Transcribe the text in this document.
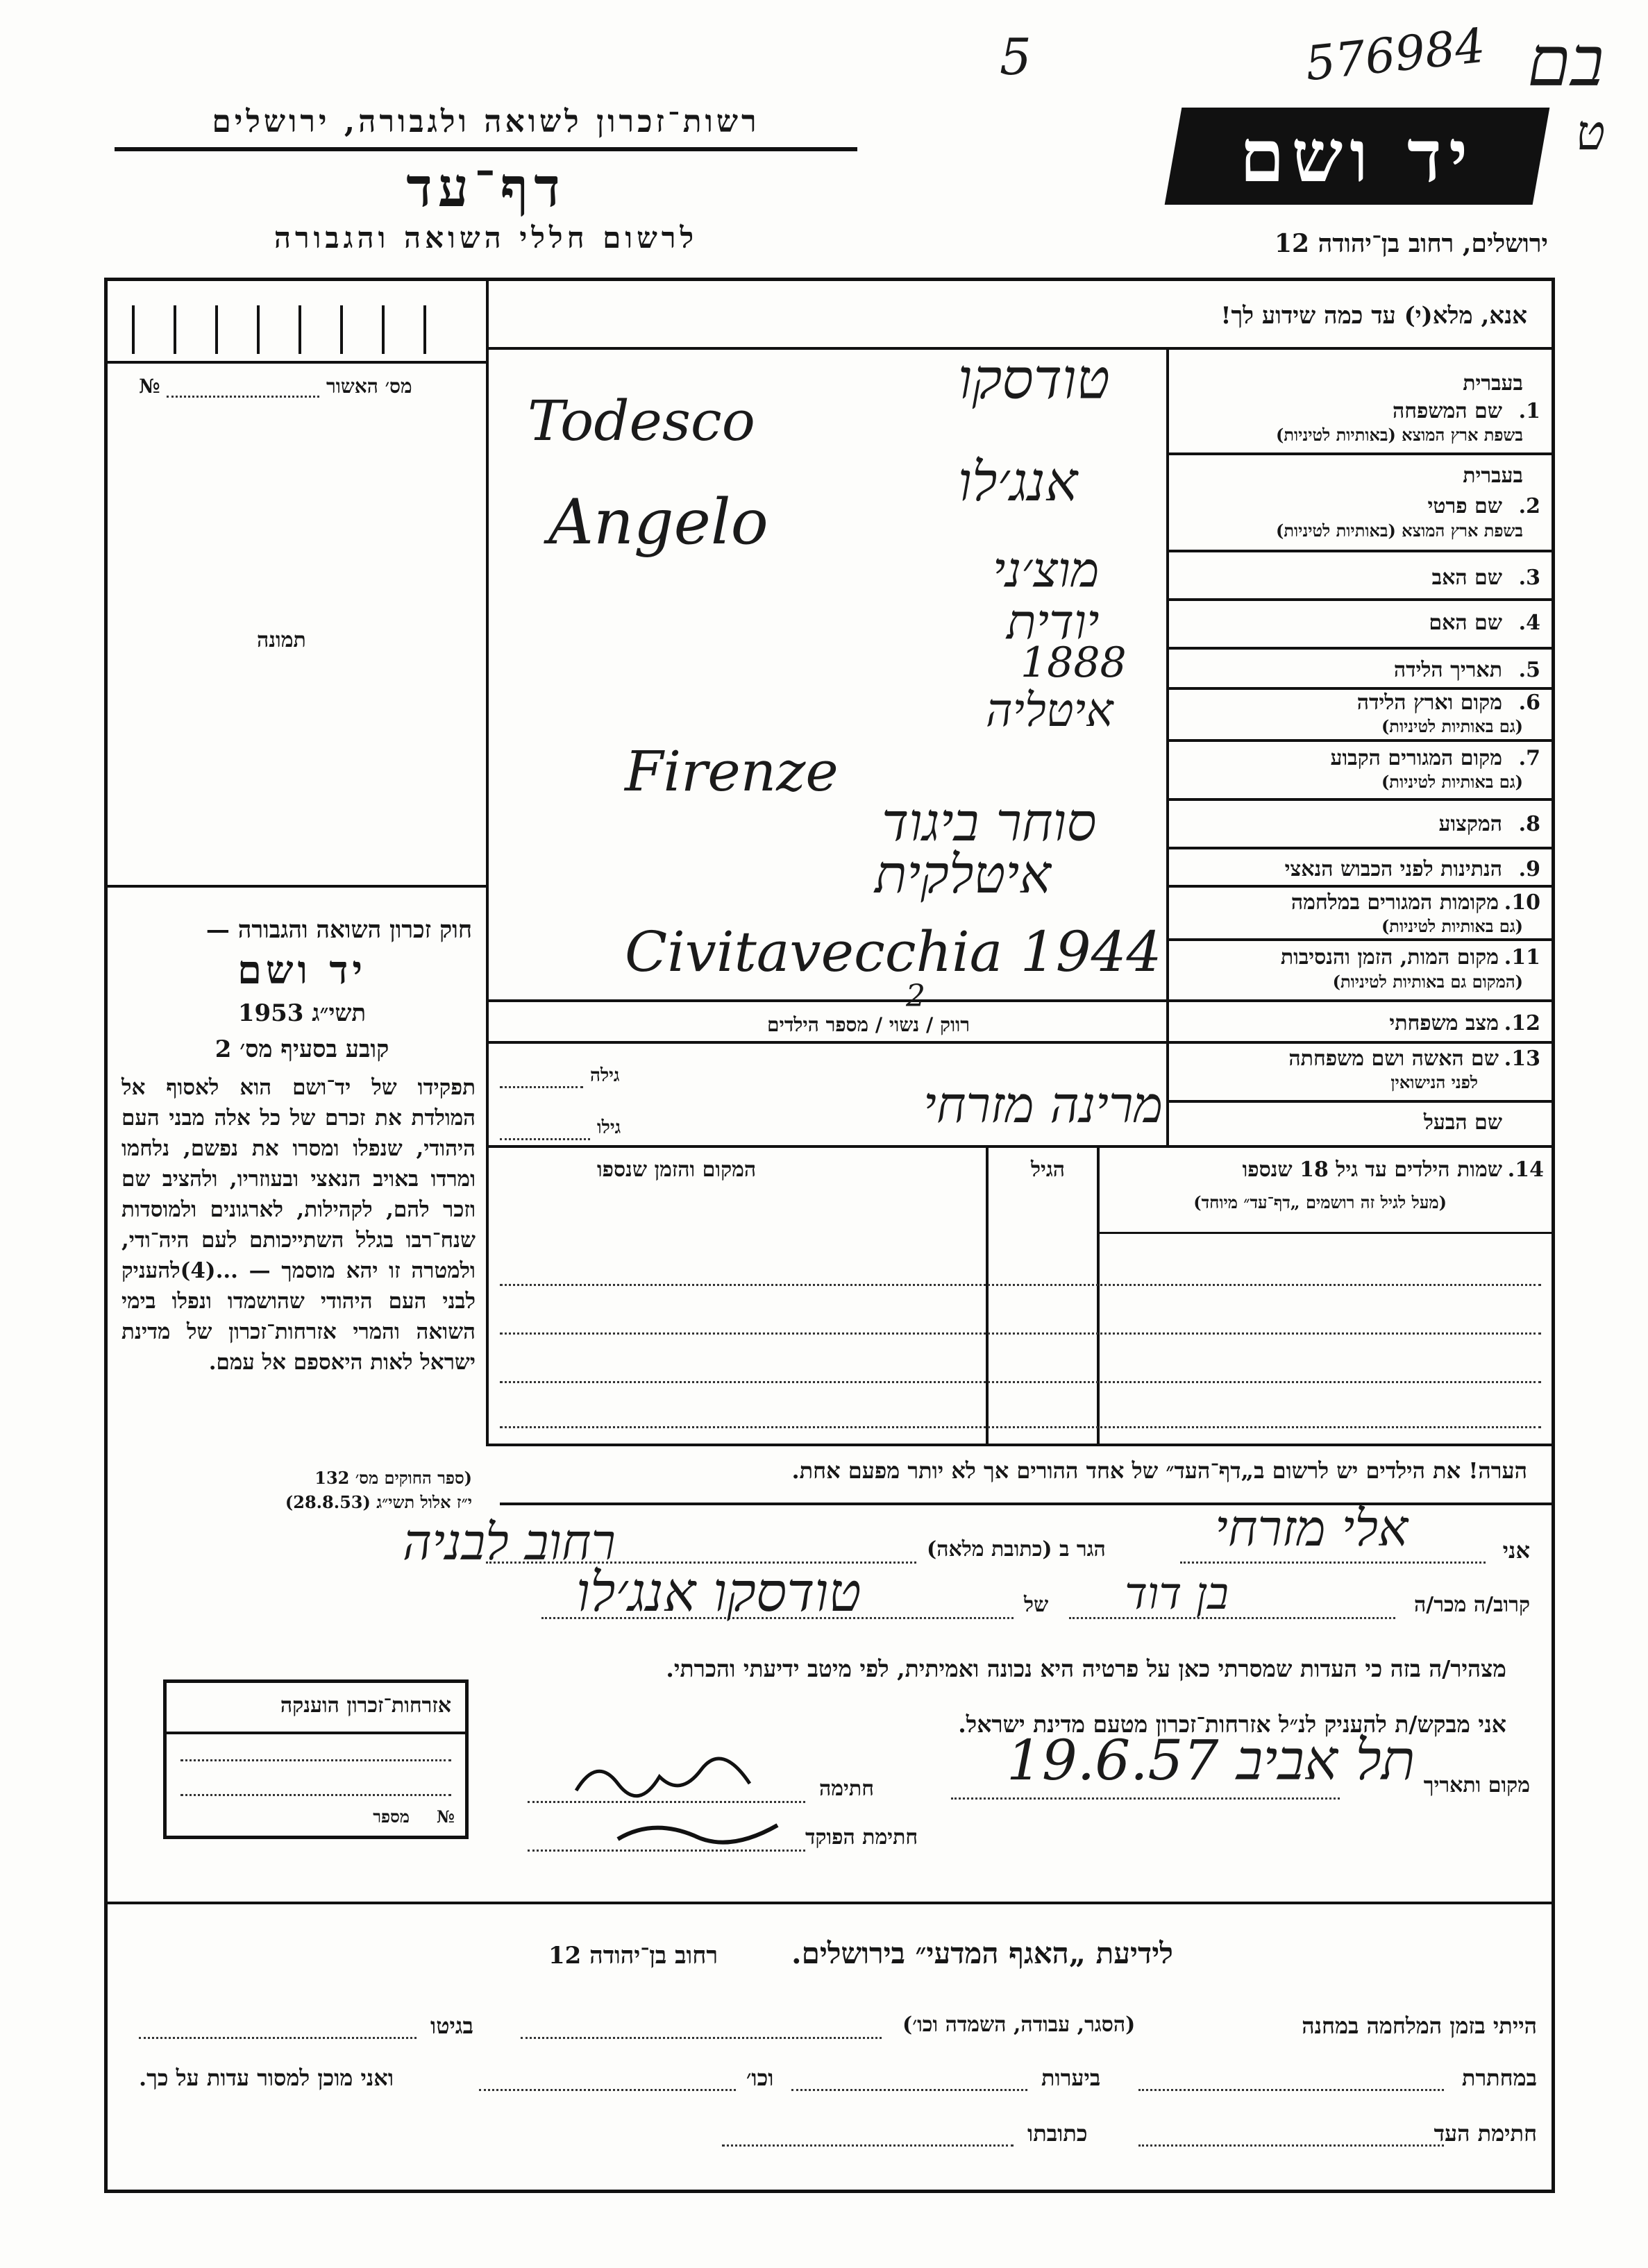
5	576984 בם
ט
רשות־זכרון לשואה ולגבורה, ירושלים
דף־עד
לרשום חללי השואה והגבורה
יד ושם
ירושלים, רחוב בן־יהודה 12
אנא, מלא(י) עד כמה שידוע לך!
מס׳ האשור
№
תמונה
חוק זכרון השואה והגבורה —
יד ושם
תשי״ג 1953
קובע בסעיף מס׳ 2
תפקידו של יד־ושם הוא לאסוף אל המולדת את זכרם של כל אלה מבני העם היהודי, שנפלו ומסרו את נפשם, נלחמו ומרדו באויב הנאצי ובעוזריו, ולהציב שם וזכר להם, לקהילות, לארגונים ולמוסדות שנח־רבו בגלל השתייכותם לעם היה־ודי, ולמטרה זו יהא מוסמך — ...(4)להעניק לבני העם היהודי שהושמדו ונפלו בימי השואה והמרי אזרחות־זכרון של מדינת ישראל לאות היאספם אל עמם.
(ספר החוקים מס׳ 132
י״ז אלול תשי״ג (28.8.53)
אזרחות־זכרון הוענקה
מספר №
בעברית
1.
שם המשפחה
בשפת ארץ המוצא (באותיות לטיניות)
בעברית
2.
שם פרטי
בשפת ארץ המוצא (באותיות לטיניות)
3.
שם האב
4.
שם האם
5.
תאריך הלידה
6.
מקום וארץ הלידה
(גם באותיות לטיניות)
7.
מקום המגורים הקבוע
(גם באותיות לטיניות)
8.
המקצוע
9.
הנתינות לפני הכבוש הנאצי
10.
מקומות המגורים במלחמה
(גם באותיות לטיניות)
11.
מקום המות, הזמן והנסיבות
(המקום גם באותיות לטיניות)
12.
מצב משפחתי
רווק / נשוי / מספר הילדים
2
13.
שם האשה ושם משפחתה
לפני הנישואין
גילה
שם הבעל
גילו
14.
שמות הילדים עד גיל 18 שנספו
(מעל לגיל זה רושמים „דף־עד״ מיוחד)
הגיל
המקום והזמן שנספו
הערה! את הילדים יש לרשום ב„דף־העד״ של אחד ההורים אך לא יותר מפעם אחת.
אני
אלי מזרחי
הגר ב (כתובת מלאה)
רחוב לבניה
קרוב/ה מכר/ה
בן דוד
של
טודסקו אנג׳לו
מצהיר/ה בזה כי העדות שמסרתי כאן על פרטיה היא נכונה ואמיתית, לפי מיטב ידיעתי והכרתי.
אני מבקש/ת להעניק לנ״ל אזרחות־זכרון מטעם מדינת ישראל.
מקום ותאריך
תל אביב 19.6.57
חתימה
חתימת הפוקד
לידיעת „האגף המדעי״ בירושלים.
רחוב בן־יהודה 12
הייתי בזמן המלחמה במחנה
(הסגר, עבודה, השמדה וכו׳)
בגיטו
במחתרת
ביערות
וכו׳
ואני מוכן למסור עדות על כך.
חתימת העד
כתובתו
טודסקו
Todesco
אנג׳לו
Angelo
מוצ׳ני
יודית
1888
איטליה
Firenze
סוחר ביגוד
איטלקית
Civitavecchia 1944
מרינה מזרחי
